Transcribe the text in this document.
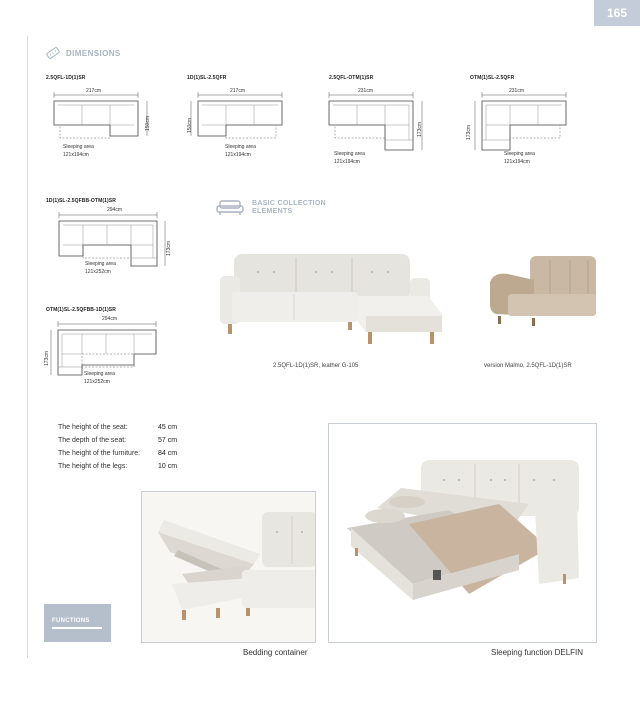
165
DIMENSIONS
2.5QFL-1D(1)SR
217cm
150cm
Sleeping area
121x194cm
1D(1)SL-2.5QFR
217cm
150cm
Sleeping area
121x194cm
2.5QFL-OTM(1)SR
231cm
173cm
Sleeping area
121x194cm
OTM(1)SL-2.5QFR
231cm
173cm
Sleeping area
121x194cm
1D(1)SL-2.5QFBB-OTM(1)SR
294cm
173cm
Sleeping area
121x252cm
OTM(1)SL-2.5QFBB-1D(1)SR
294cm
173cm
Sleeping area
121x252cm
BASIC COLLECTION
ELEMENTS
2.5QFL-1D(1)SR, leather G-105	version Malmo, 2.5QFL-1D(1)SR
The height of the seat:	45 cm
The depth of the seat:	57 cm
The height of the furniture:	84 cm
The height of the legs:	10 cm
Bedding container	Sleeping function DELFIN
FUNCTIONS
